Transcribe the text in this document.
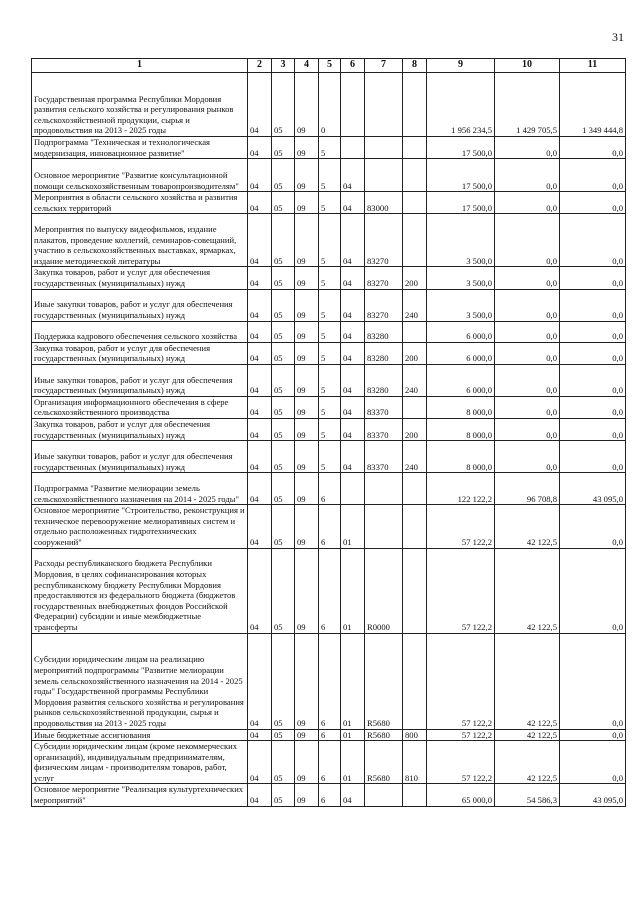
31
1	2	3	4	5	6	7	8	9	10	11
Государственная программа Республики Мордовия развития сельского хозяйства и регулирования рынков сельскохозяйственной продукции, сырья и продовольствия на 2013 - 2025 годы	04	05	09	0				1 956 234,5	1 429 705,5	1 349 444,8
Подпрограмма "Техническая и технологическая модернизация, инновационное развитие"	04	05	09	5				17 500,0	0,0	0,0
Основное мероприятие "Развитие консультационной помощи сельскохозяйственным товаропроизводителям"	04	05	09	5	04			17 500,0	0,0	0,0
Мероприятия в области сельского хозяйства и развития сельских территорий	04	05	09	5	04	83000		17 500,0	0,0	0,0
Мероприятия по выпуску видеофильмов, издание плакатов, проведение коллегий, семинаров-совещаний, участию в сельскохозяйственных выставках, ярмарках, издание методической литературы	04	05	09	5	04	83270		3 500,0	0,0	0,0
Закупка товаров, работ и услуг для обеспечения государственных (муниципальных) нужд	04	05	09	5	04	83270	200	3 500,0	0,0	0,0
Иные закупки товаров, работ и услуг для обеспечения государственных (муниципальных) нужд	04	05	09	5	04	83270	240	3 500,0	0,0	0,0
Поддержка кадрового обеспечения сельского хозяйства	04	05	09	5	04	83280		6 000,0	0,0	0,0
Закупка товаров, работ и услуг для обеспечения государственных (муниципальных) нужд	04	05	09	5	04	83280	200	6 000,0	0,0	0,0
Иные закупки товаров, работ и услуг для обеспечения государственных (муниципальных) нужд	04	05	09	5	04	83280	240	6 000,0	0,0	0,0
Организация информационного обеспечения в сфере сельскохозяйственного производства	04	05	09	5	04	83370		8 000,0	0,0	0,0
Закупка товаров, работ и услуг для обеспечения государственных (муниципальных) нужд	04	05	09	5	04	83370	200	8 000,0	0,0	0,0
Иные закупки товаров, работ и услуг для обеспечения государственных (муниципальных) нужд	04	05	09	5	04	83370	240	8 000,0	0,0	0,0
Подпрограмма "Развитие мелиорации земель сельскохозяйственного назначения на 2014 - 2025 годы"	04	05	09	6				122 122,2	96 708,8	43 095,0
Основное мероприятие "Строительство, реконструкция и техническое перевооружение мелиоративных систем и отдельно расположенных гидротехнических сооружений"	04	05	09	6	01			57 122,2	42 122,5	0,0
Расходы республиканского бюджета Республики Мордовия, в целях софинансирования которых республиканскому бюджету Республики Мордовия предоставляются из федерального бюджета (бюджетов государственных внебюджетных фондов Российской Федерации) субсидии и иные межбюджетные трансферты	04	05	09	6	01	R0000		57 122,2	42 122,5	0,0
Субсидии юридическим лицам на реализацию мероприятий подпрограммы "Развитие мелиорации земель сельскохозяйственного назначения на 2014 - 2025 годы" Государственной программы Республики Мордовия развития сельского хозяйства и регулирования рынков сельскохозяйственной продукции, сырья и продовольствия на 2013 - 2025 годы	04	05	09	6	01	R5680		57 122,2	42 122,5	0,0
Иные бюджетные ассигнования	04	05	09	6	01	R5680	800	57 122,2	42 122,5	0,0
Субсидии юридическим лицам (кроме некоммерческих организаций), индивидуальным предпринимателям, физическим лицам - производителям товаров, работ, услуг	04	05	09	6	01	R5680	810	57 122,2	42 122,5	0,0
Основное мероприятие "Реализация культуртехнических мероприятий"	04	05	09	6	04			65 000,0	54 586,3	43 095,0
